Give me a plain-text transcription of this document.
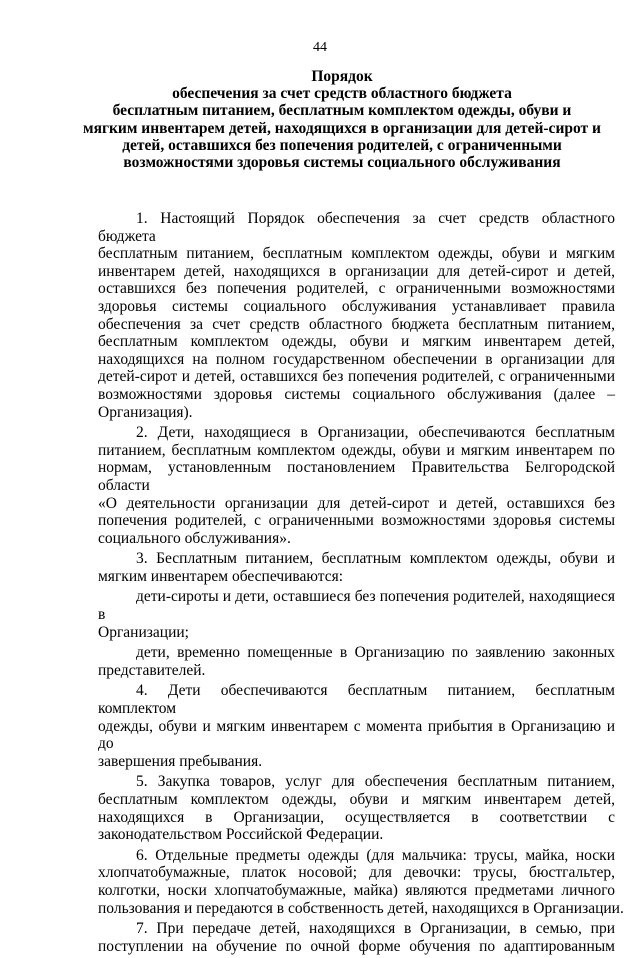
44
Порядок
обеспечения за счет средств областного бюджета
бесплатным питанием, бесплатным комплектом одежды, обуви и
мягким инвентарем детей, находящихся в организации для детей-сирот и
детей, оставшихся без попечения родителей, с ограниченными
возможностями здоровья системы социального обслуживания
1. Настоящий Порядок обеспечения за счет средств областного бюджета
бесплатным питанием, бесплатным комплектом одежды, обуви и мягким
инвентарем детей, находящихся в организации для детей-сирот и детей,
оставшихся без попечения родителей, с ограниченными возможностями
здоровья системы социального обслуживания устанавливает правила
обеспечения за счет средств областного бюджета бесплатным питанием,
бесплатным комплектом одежды, обуви и мягким инвентарем детей,
находящихся на полном государственном обеспечении в организации для
детей-сирот и детей, оставшихся без попечения родителей, с ограниченными
возможностями здоровья системы социального обслуживания (далее –
Организация).
2. Дети, находящиеся в Организации, обеспечиваются бесплатным
питанием, бесплатным комплектом одежды, обуви и мягким инвентарем по
нормам, установленным постановлением Правительства Белгородской области
«О деятельности организации для детей-сирот и детей, оставшихся без
попечения родителей, с ограниченными возможностями здоровья системы
социального обслуживания».
3. Бесплатным питанием, бесплатным комплектом одежды, обуви и
мягким инвентарем обеспечиваются:
дети-сироты и дети, оставшиеся без попечения родителей, находящиеся в
Организации;
дети, временно помещенные в Организацию по заявлению законных
представителей.
4. Дети обеспечиваются бесплатным питанием, бесплатным комплектом
одежды, обуви и мягким инвентарем с момента прибытия в Организацию и до
завершения пребывания.
5. Закупка товаров, услуг для обеспечения бесплатным питанием,
бесплатным комплектом одежды, обуви и мягким инвентарем детей,
находящихся в Организации, осуществляется в соответствии с
законодательством Российской Федерации.
6. Отдельные предметы одежды (для мальчика: трусы, майка, носки
хлопчатобумажные, платок носовой; для девочки: трусы, бюстгальтер,
колготки, носки хлопчатобумажные, майка) являются предметами личного
пользования и передаются в собственность детей, находящихся в Организации.
7. При передаче детей, находящихся в Организации, в семью, при
поступлении на обучение по очной форме обучения по адаптированным
